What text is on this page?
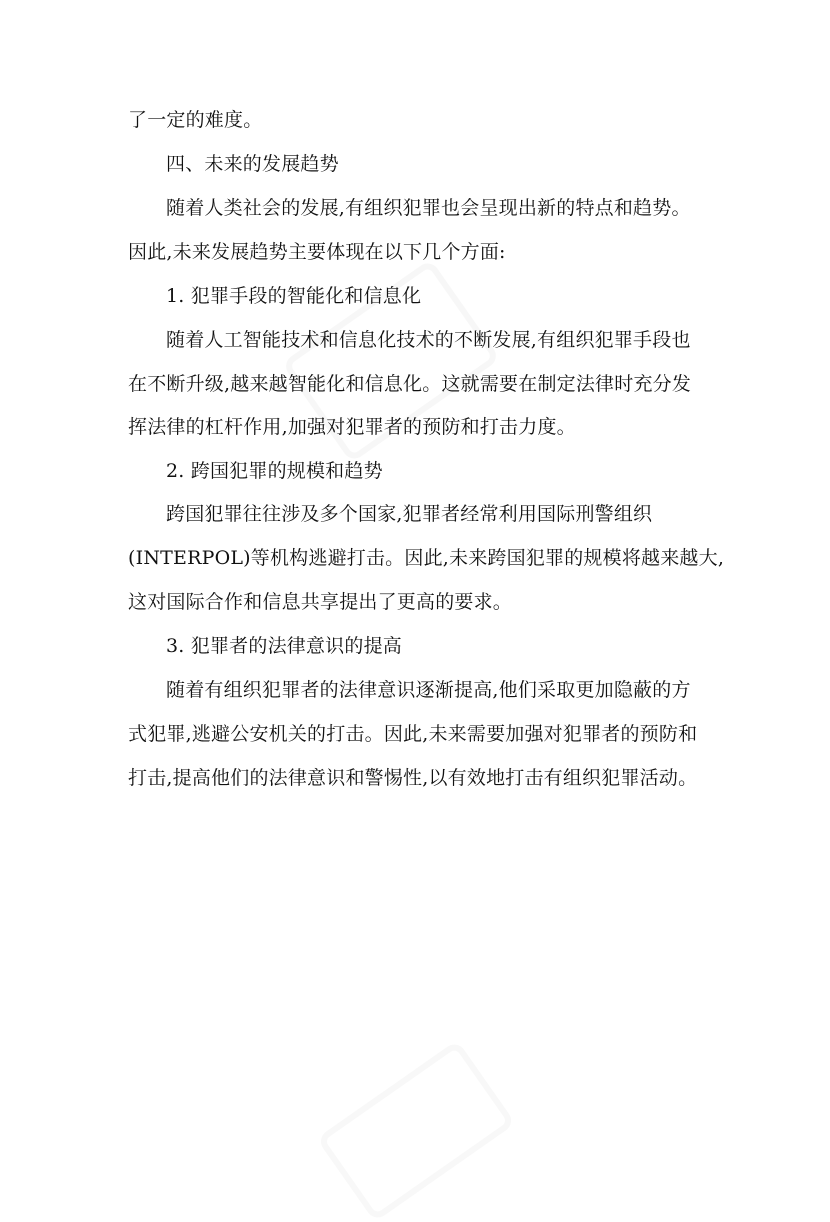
了一定的难度。
四、未来的发展趋势
随着人类社会的发展,有组织犯罪也会呈现出新的特点和趋势。
因此,未来发展趋势主要体现在以下几个方面:
1. 犯罪手段的智能化和信息化
随着人工智能技术和信息化技术的不断发展,有组织犯罪手段也
在不断升级,越来越智能化和信息化。这就需要在制定法律时充分发
挥法律的杠杆作用,加强对犯罪者的预防和打击力度。
2. 跨国犯罪的规模和趋势
跨国犯罪往往涉及多个国家,犯罪者经常利用国际刑警组织
(INTERPOL)等机构逃避打击。因此,未来跨国犯罪的规模将越来越大,
这对国际合作和信息共享提出了更高的要求。
3. 犯罪者的法律意识的提高
随着有组织犯罪者的法律意识逐渐提高,他们采取更加隐蔽的方
式犯罪,逃避公安机关的打击。因此,未来需要加强对犯罪者的预防和
打击,提高他们的法律意识和警惕性,以有效地打击有组织犯罪活动。
